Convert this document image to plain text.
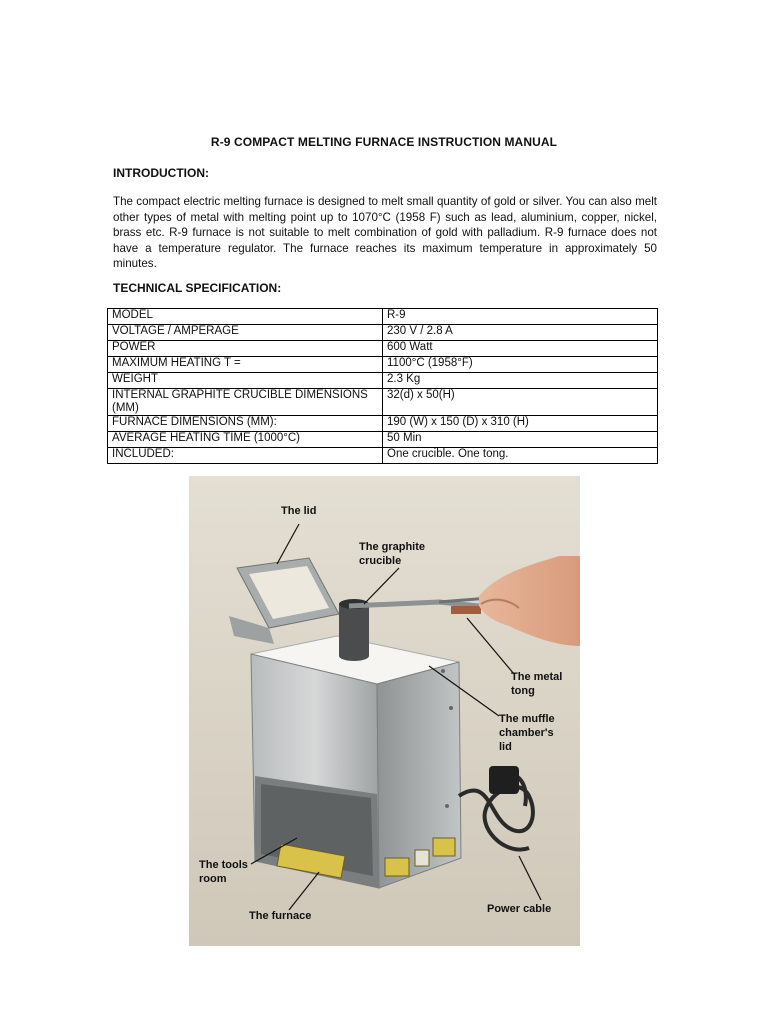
R-9 COMPACT MELTING FURNACE INSTRUCTION MANUAL
INTRODUCTION:

The compact electric melting furnace is designed to melt small quantity of gold or silver. You can also melt other types of metal with melting point up to 1070°C (1958 F) such as lead, aluminium, copper, nickel, brass etc. R-9 furnace is not suitable to melt combination of gold with palladium. R-9 furnace does not have a temperature regulator. The furnace reaches its maximum temperature in approximately 50 minutes.

TECHNICAL SPECIFICATION:
MODEL	R-9
VOLTAGE / AMPERAGE	230 V / 2.8 A
POWER	600 Watt
MAXIMUM HEATING T =	1100°C (1958°F)
WEIGHT	2.3 Kg
INTERNAL GRAPHITE CRUCIBLE DIMENSIONS (MM)	32(d) x 50(H)
FURNACE DIMENSIONS (MM):	190 (W) x 150 (D) x 310 (H)
AVERAGE HEATING TIME (1000°C)	50 Min
INCLUDED:	One crucible. One tong.
The lid
The graphite
crucible
The metal
tong
The muffle
chamber's
lid
The tools
room
The furnace
Power cable
